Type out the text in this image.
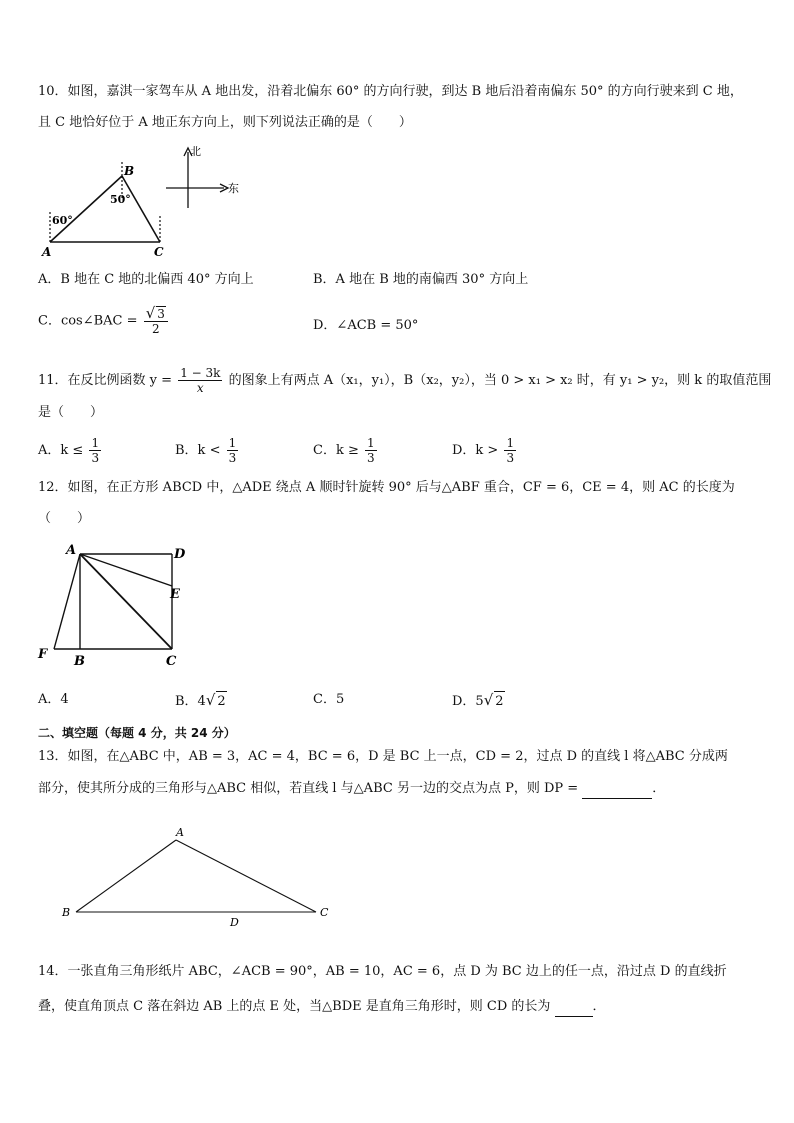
10．如图，嘉淇一家驾车从 A 地出发，沿着北偏东 60° 的方向行驶，到达 B 地后沿着南偏东 50° 的方向行驶来到 C 地，
且 C 地恰好位于 A 地正东方向上，则下列说法正确的是（　　）
A
B
C
60°
50°
北
东
A．B 地在 C 地的北偏西 40° 方向上	B．A 地在 B 地的南偏西 30° 方向上
C．cos∠BAC = $\frac{√ 3}{2}$	D．∠ACB = 50°
11．在反比例函数 $y = \frac{1 - 3k}{x}$ 的图象上有两点 A（x₁，y₁），B（x₂，y₂），当 0 > x₁ > x₂ 时，有 y₁ > y₂，则 k 的取值范围
是（　　）
A．$k \le \frac{1}{3}$	B．$k < \frac{1}{3}$	C．$k \ge \frac{1}{3}$	D．$k > \frac{1}{3}$
12．如图，在正方形 ABCD 中，△ADE 绕点 A 顺时针旋转 90° 后与△ABF 重合，CF = 6，CE = 4，则 AC 的长度为
（　　）
A	D
E
C
B
F
A．4	B．4√ 2	C．5	D．5√ 2
二、填空题（每题 4 分，共 24 分）
13．如图，在△ABC 中，AB = 3，AC = 4，BC = 6，D 是 BC 上一点，CD = 2，过点 D 的直线 l 将△ABC 分成两
部分，使其所分成的三角形与△ABC 相似，若直线 l 与△ABC 另一边的交点为点 P，则 DP =	．
A
B	C
D
14．一张直角三角形纸片 ABC，∠ACB = 90°，AB = 10，AC = 6，点 D 为 BC 边上的任一点，沿过点 D 的直线折
叠，使直角顶点 C 落在斜边 AB 上的点 E 处，当△BDE 是直角三角形时，则 CD 的长为	．
